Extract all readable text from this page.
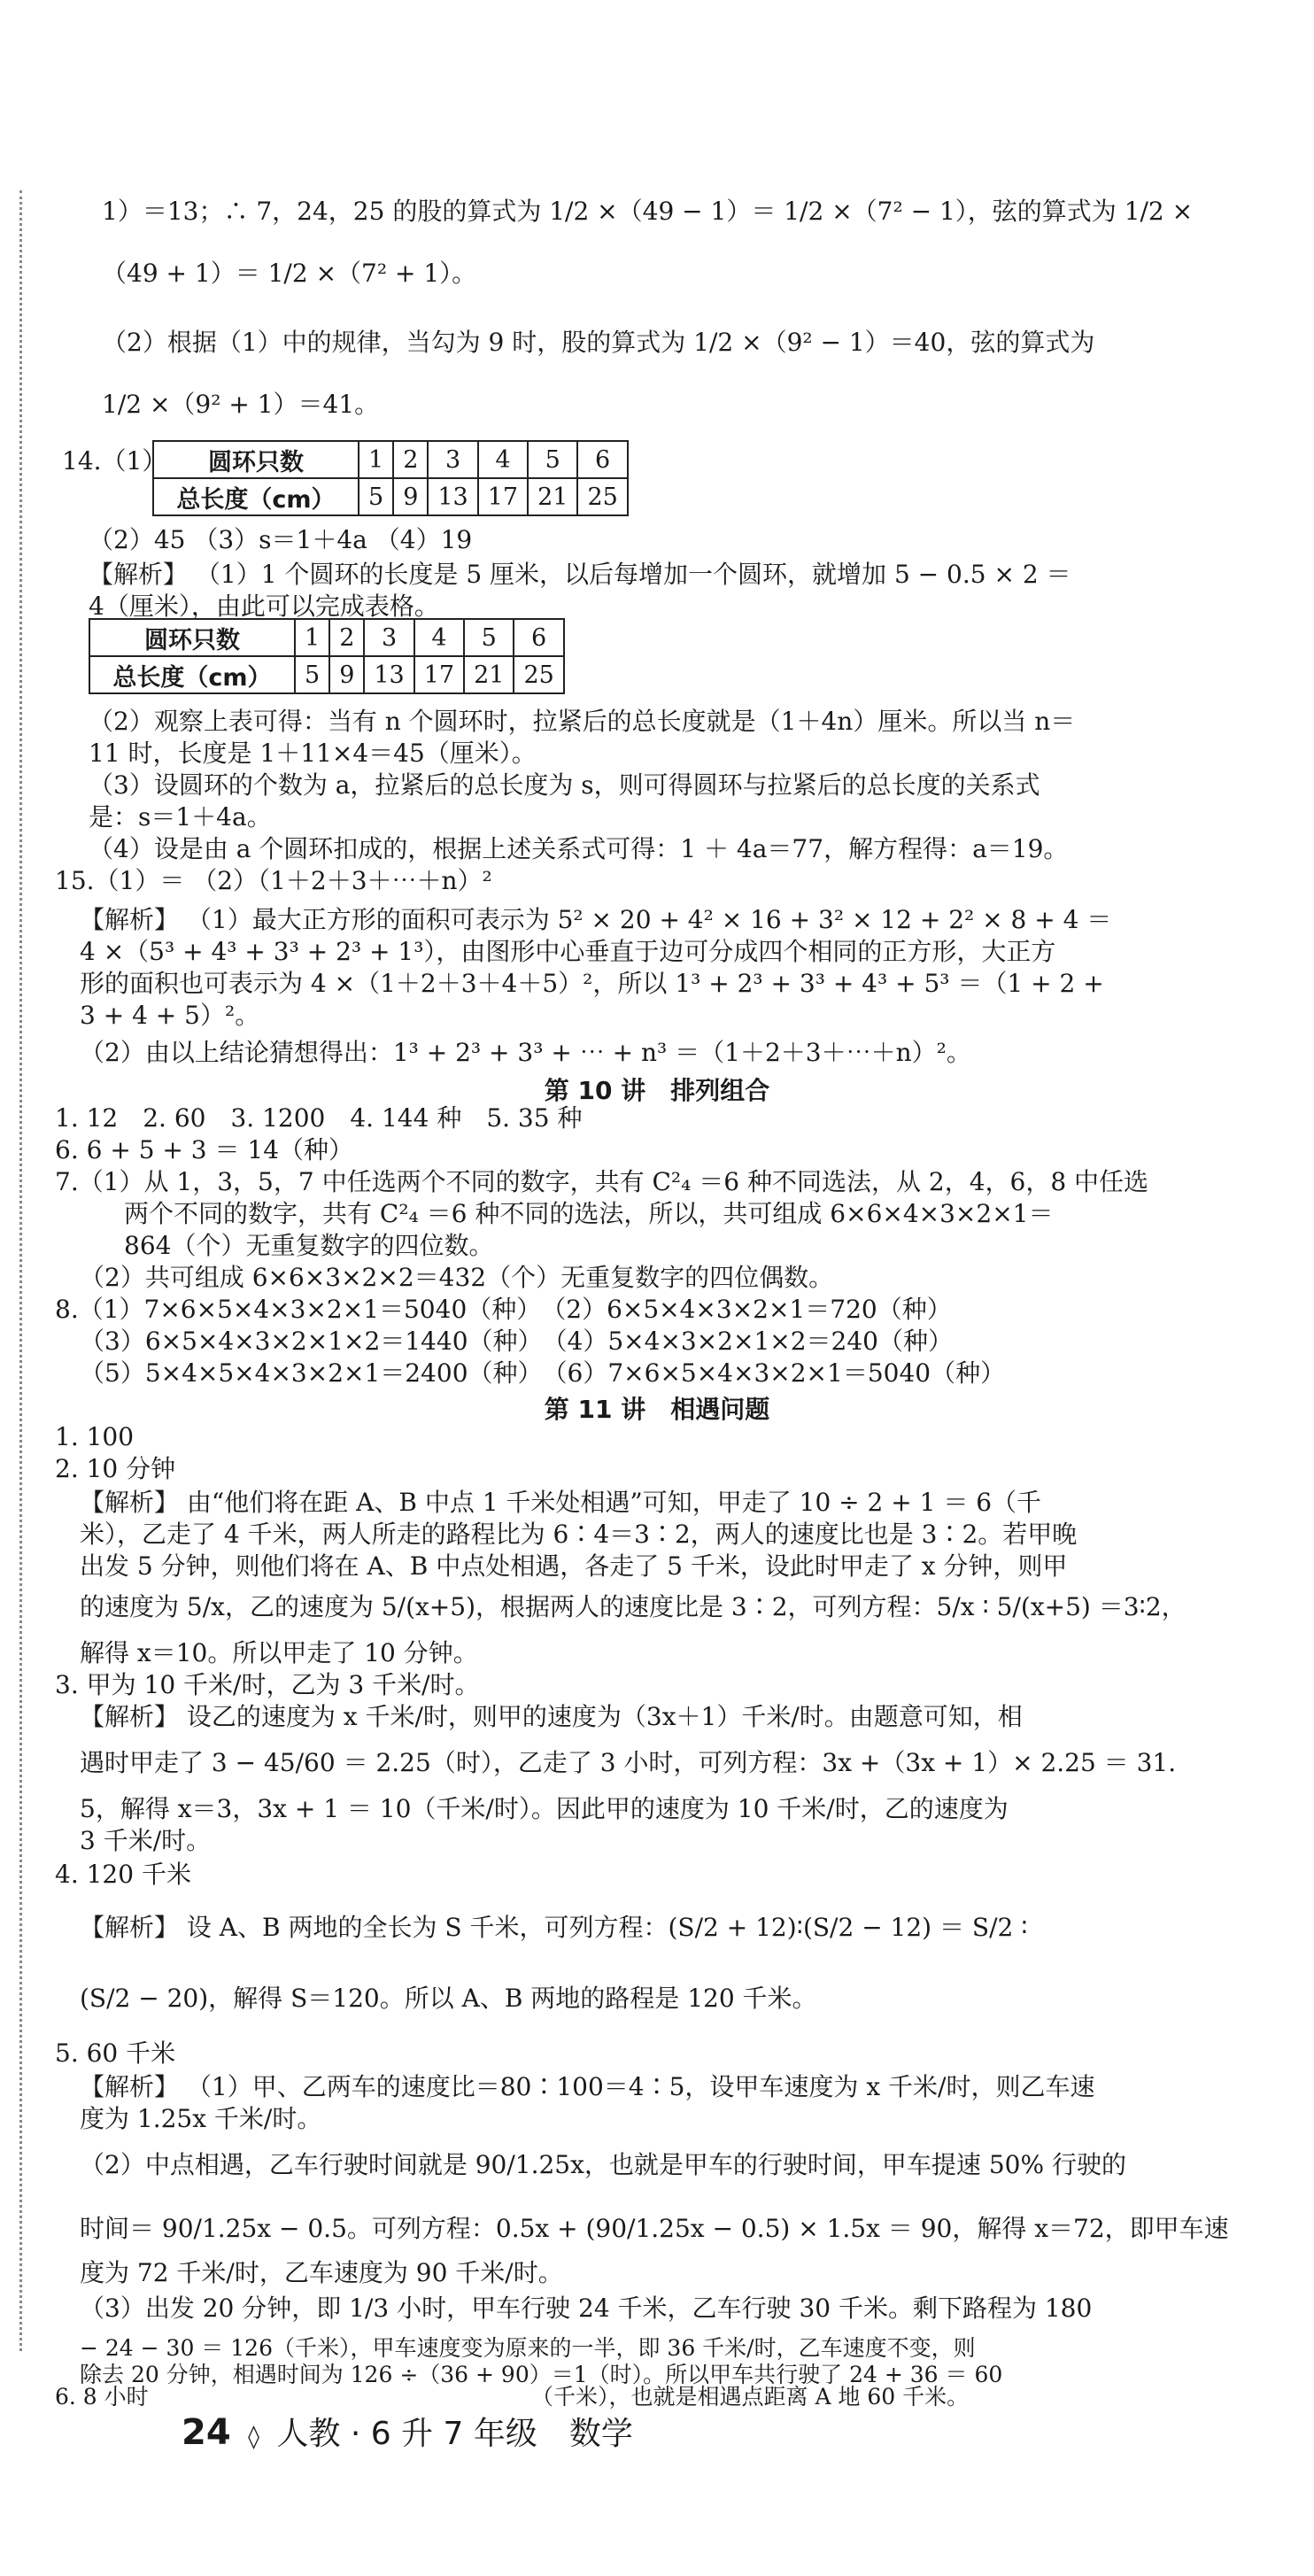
1）＝13；∴ 7，24，25 的股的算式为 1/2 ×（49 − 1）＝ 1/2 ×（7² − 1），弦的算式为 1/2 ×
（49 + 1）＝ 1/2 ×（7² + 1）。
（2）根据（1）中的规律，当勾为 9 时，股的算式为 1/2 ×（9² − 1）＝40，弦的算式为
1/2 ×（9² + 1）＝41。
14.（1） 圆环只数	1	2	3	4	5	6
总长度（cm）	5	9	13	17	21	25
（2）45 （3）s＝1＋4a （4）19
【解析】 （1）1 个圆环的长度是 5 厘米，以后每增加一个圆环，就增加 5 − 0.5 × 2 ＝
4（厘米），由此可以完成表格。
圆环只数	1	2	3	4	5	6
总长度（cm）	5	9	13	17	21	25
（2）观察上表可得：当有 n 个圆环时，拉紧后的总长度就是（1＋4n）厘米。所以当 n＝
11 时，长度是 1＋11×4＝45（厘米）。
（3）设圆环的个数为 a，拉紧后的总长度为 s，则可得圆环与拉紧后的总长度的关系式
是：s＝1＋4a。
（4）设是由 a 个圆环扣成的，根据上述关系式可得：1 ＋ 4a＝77，解方程得：a＝19。
15.（1）＝ （2）（1＋2＋3＋⋯＋n）²
【解析】 （1）最大正方形的面积可表示为 5² × 20 + 4² × 16 + 3² × 12 + 2² × 8 + 4 ＝
4 ×（5³ + 4³ + 3³ + 2³ + 1³），由图形中心垂直于边可分成四个相同的正方形，大正方
形的面积也可表示为 4 ×（1＋2＋3＋4＋5）²，所以 1³ + 2³ + 3³ + 4³ + 5³ ＝（1 + 2 +
3 + 4 + 5）²。
（2）由以上结论猜想得出：1³ + 2³ + 3³ + ⋯ + n³ ＝（1＋2＋3＋⋯＋n）²。
第 10 讲　排列组合
1. 12　2. 60　3. 1200　4. 144 种　5. 35 种
6. 6 + 5 + 3 ＝ 14（种）
7.（1）从 1，3，5，7 中任选两个不同的数字，共有 C²₄ ＝6 种不同选法，从 2，4，6，8 中任选
两个不同的数字，共有 C²₄ ＝6 种不同的选法，所以，共可组成 6×6×4×3×2×1＝
864（个）无重复数字的四位数。
（2）共可组成 6×6×3×2×2＝432（个）无重复数字的四位偶数。
8.（1）7×6×5×4×3×2×1＝5040（种）　（2）6×5×4×3×2×1＝720（种）
（3）6×5×4×3×2×1×2＝1440（种）　（4）5×4×3×2×1×2＝240（种）
（5）5×4×5×4×3×2×1＝2400（种）　（6）7×6×5×4×3×2×1＝5040（种）
第 11 讲　相遇问题
1. 100
2. 10 分钟
【解析】 由“他们将在距 A、B 中点 1 千米处相遇”可知，甲走了 10 ÷ 2 + 1 ＝ 6（千
米），乙走了 4 千米，两人所走的路程比为 6∶4＝3∶2，两人的速度比也是 3∶2。若甲晚
出发 5 分钟，则他们将在 A、B 中点处相遇，各走了 5 千米，设此时甲走了 x 分钟，则甲
的速度为 5/x，乙的速度为 5/(x+5)，根据两人的速度比是 3∶2，可列方程：5/x ∶ 5/(x+5) ＝3∶2，
解得 x＝10。所以甲走了 10 分钟。
3. 甲为 10 千米/时，乙为 3 千米/时。
【解析】 设乙的速度为 x 千米/时，则甲的速度为（3x＋1）千米/时。由题意可知，相
遇时甲走了 3 − 45/60 ＝ 2.25（时），乙走了 3 小时，可列方程：3x +（3x + 1）× 2.25 ＝ 31.
5，解得 x＝3，3x + 1 ＝ 10（千米/时）。因此甲的速度为 10 千米/时，乙的速度为
3 千米/时。
4. 120 千米
【解析】 设 A、B 两地的全长为 S 千米，可列方程：(S/2 + 12)∶(S/2 − 12) ＝ S/2 ∶
(S/2 − 20)，解得 S＝120。所以 A、B 两地的路程是 120 千米。
5. 60 千米
【解析】 （1）甲、乙两车的速度比＝80∶100＝4∶5，设甲车速度为 x 千米/时，则乙车速
度为 1.25x 千米/时。
（2）中点相遇，乙车行驶时间就是 90/1.25x，也就是甲车的行驶时间，甲车提速 50% 行驶的
时间＝ 90/1.25x − 0.5。可列方程：0.5x + (90/1.25x − 0.5) × 1.5x ＝ 90，解得 x＝72，即甲车速
度为 72 千米/时，乙车速度为 90 千米/时。
（3）出发 20 分钟，即 1/3 小时，甲车行驶 24 千米，乙车行驶 30 千米。剩下路程为 180
− 24 − 30 ＝ 126（千米），甲车速度变为原来的一半，即 36 千米/时，乙车速度不变，则
除去 20 分钟，相遇时间为 126 ÷（36 + 90）＝1（时）。所以甲车共行驶了 24 + 36 ＝ 60
（千米），也就是相遇点距离 A 地 60 千米。
6. 8 小时
24 ◊ 人教 · 6 升 7 年级　数学
